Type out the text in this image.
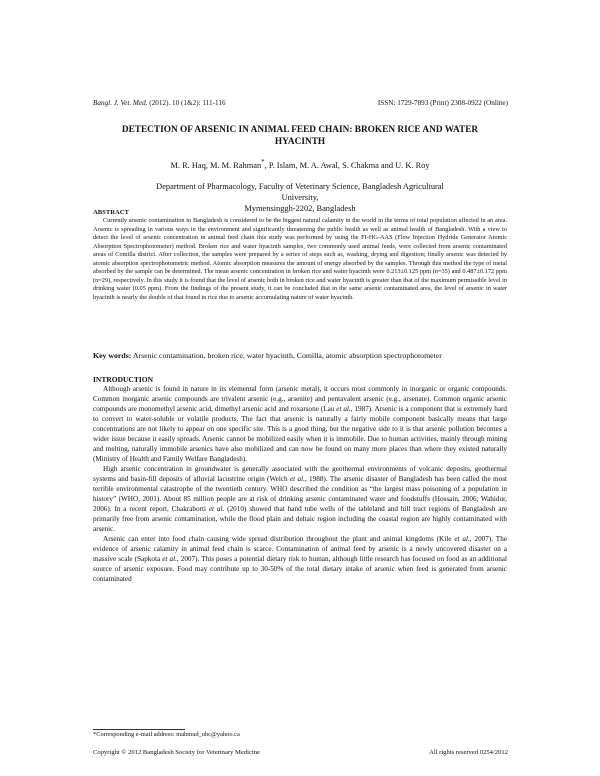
Bangl. J. Vet. Med. (2012). 10 (1&2): 111-116	ISSN: 1729-7893 (Print) 2308-0922 (Online)
DETECTION OF ARSENIC IN ANIMAL FEED CHAIN: BROKEN RICE AND WATER HYACINTH
M. R. Haq, M. M. Rahman*, P. Islam, M. A. Awal, S. Chakma and U. K. Roy
Department of Pharmacology, Faculty of Veterinary Science, Bangladesh Agricultural University,
Mymensinggh-2202, Bangladesh
ABSTRACT

Currently arsenic contamination in Bangladesh is considered to be the biggest natural calamity in the world in the terms of total population affected in an area. Arsenic is spreading in various ways in the environment and significantly threatening the public health as well as animal health of Bangladesh. With a view to detect the level of arsenic concentration in animal feed chain this study was performed by using the FI-HG-AAS (Flow Injection Hydride Generator Atomic Absorption Spectrophotometer) method. Broken rice and water hyacinth samples, two commonly used animal feeds, were collected from arsenic contaminated areas of Comilla district. After collection, the samples were prepared by a series of steps such as, washing, drying and digestion; finally arsenic was detected by atomic absorption spectrophotometric method. Atomic absorption measures the amount of energy absorbed by the samples. Through this method the type of metal absorbed by the sample can be determined. The mean arsenic concentration in broken rice and water hyacinth were 0.213±0.125 ppm (n=35) and 0.487±0.172 ppm (n=29), respectively. In this study it is found that the level of arsenic both in broken rice and water hyacinth is greater than that of the maximum permissible level in drinking water (0.05 ppm). From the findings of the present study, it can be concluded that in the same arsenic contaminated area, the level of arsenic in water hyacinth is nearly the double of that found in rice due to arsenic accumulating nature of water hyacinth.

Key words: Arsenic contamination, broken rice, water hyacinth, Comilla, atomic absorption spectrophotometer
INTRODUCTION

Although arsenic is found in nature in its elemental form (arsenic metal), it occurs most commonly in inorganic or organic compounds. Common inorganic arsenic compounds are trivalent arsenic (e.g., arsenite) and pentavalent arsenic (e.g., arsenate). Common organic arsenic compounds are monomethyl arsenic acid, dimethyl arsenic acid and roxarsone (Lau et al., 1987). Arsenic is a component that is extremely hard to convert to water-soluble or volatile products. The fact that arsenic is naturally a fairly mobile component basically means that large concentrations are not likely to appear on one specific site. This is a good thing, but the negative side to it is that arsenic pollution becomes a wider issue because it easily spreads. Arsenic cannot be mobilized easily when it is immobile. Due to human activities, mainly through mining and melting, naturally immobile arsenics have also mobilized and can now be found on many more places than where they existed naturally (Ministry of Health and Family Welfare Bangladesh).

High arsenic concentration in groundwater is generally associated with the geothermal environments of volcanic deposits, geothermal systems and basin-fill deposits of alluvial lacustrine origin (Welch et al., 1988). The arsenic disaster of Bangladesh has been called the most terrible environmental catastrophe of the twentieth century. WHO described the condition as “the largest mass poisoning of a population in history” (WHO, 2001). About 85 million people are at risk of drinking arsenic contaminated water and foodstuffs (Hossain, 2006; Wahidur, 2006). In a recent report, Chakraborti et al. (2010) showed that hand tube wells of the tableland and hill tract regions of Bangladesh are primarily free from arsenic contamination, while the flood plain and deltaic region including the coastal region are highly contaminated with arsenic.

Arsenic can enter into food chain causing wide spread distribution throughout the plant and animal kingdoms (Kile et al., 2007). The evidence of arsenic calamity in animal feed chain is scarce. Contamination of animal feed by arsenic is a newly uncovered disaster on a massive scale (Sapkota et al., 2007). This poses a potential dietary risk to human, although little research has focused on food as an additional source of arsenic exposure. Food may contribute up to 30-50% of the total dietary intake of arsenic when feed is generated from arsenic contaminated

*Corresponding e-mail address: mahmud_ubc@yahoo.ca
Copyright © 2012 Bangladesh Society for Veterinary Medicine	All rights reserved 0254/2012
